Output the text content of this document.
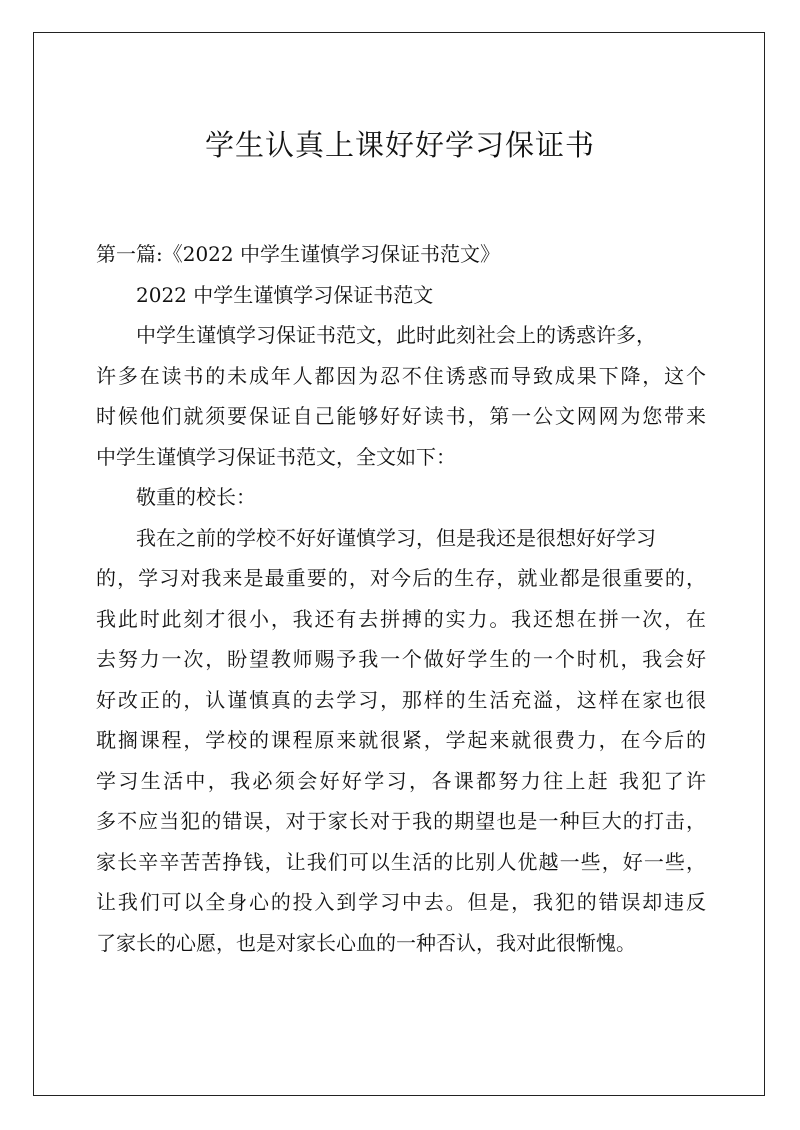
学生认真上课好好学习保证书

第一篇:《2022 中学生谨慎学习保证书范文》

2022 中学生谨慎学习保证书范文

中学生谨慎学习保证书范文，此时此刻社会上的诱惑许多，
许多在读书的未成年人都因为忍不住诱惑而导致成果下降，这个
时候他们就须要保证自己能够好好读书，第一公文网网为您带来
中学生谨慎学习保证书范文，全文如下：

敬重的校长：

我在之前的学校不好好谨慎学习，但是我还是很想好好学习
的，学习对我来是最重要的，对今后的生存，就业都是很重要的，
我此时此刻才很小，我还有去拼搏的实力。我还想在拼一次，在
去努力一次，盼望教师赐予我一个做好学生的一个时机，我会好
好改正的，认谨慎真的去学习，那样的生活充溢，这样在家也很
耽搁课程，学校的课程原来就很紧，学起来就很费力，在今后的
学习生活中，我必须会好好学习，各课都努力往上赶 我犯了许
多不应当犯的错误，对于家长对于我的期望也是一种巨大的打击，
家长辛辛苦苦挣钱，让我们可以生活的比别人优越一些，好一些，
让我们可以全身心的投入到学习中去。但是，我犯的错误却违反
了家长的心愿，也是对家长心血的一种否认，我对此很惭愧。
